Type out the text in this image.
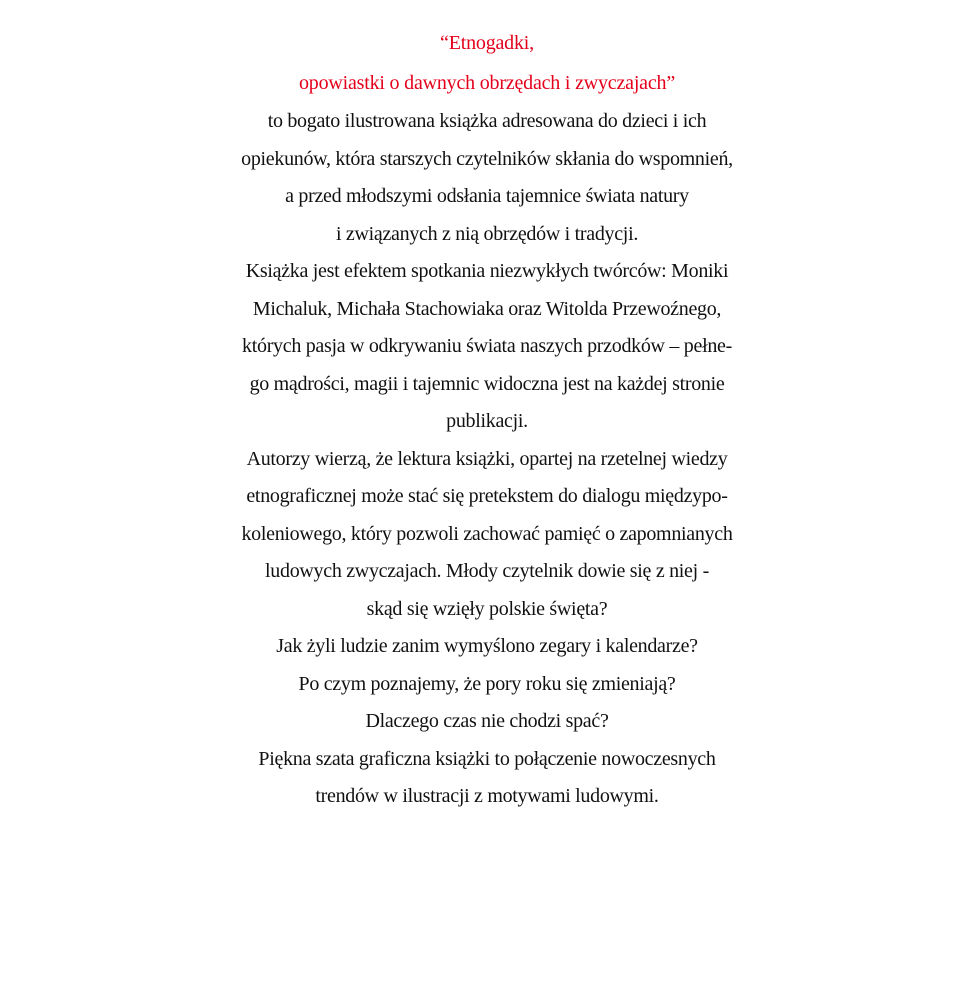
“Etnogadki,
opowiastki o dawnych obrzędach i zwyczajach”
to bogato ilustrowana książka adresowana do dzieci i ich
opiekunów, która starszych czytelników skłania do wspomnień,
a przed młodszymi odsłania tajemnice świata natury
i związanych z nią obrzędów i tradycji.
Książka jest efektem spotkania niezwykłych twórców: Moniki
Michaluk, Michała Stachowiaka oraz Witolda Przewoźnego,
których pasja w odkrywaniu świata naszych przodków – pełne-
go mądrości, magii i tajemnic widoczna jest na każdej stronie
publikacji.
Autorzy wierzą, że lektura książki, opartej na rzetelnej wiedzy
etnograficznej może stać się pretekstem do dialogu międzypo-
koleniowego, który pozwoli zachować pamięć o zapomnianych
ludowych zwyczajach. Młody czytelnik dowie się z niej -
skąd się wzięły polskie święta?
Jak żyli ludzie zanim wymyślono zegary i kalendarze?
Po czym poznajemy, że pory roku się zmieniają?
Dlaczego czas nie chodzi spać?
Piękna szata graficzna książki to połączenie nowoczesnych
trendów w ilustracji z motywami ludowymi.
